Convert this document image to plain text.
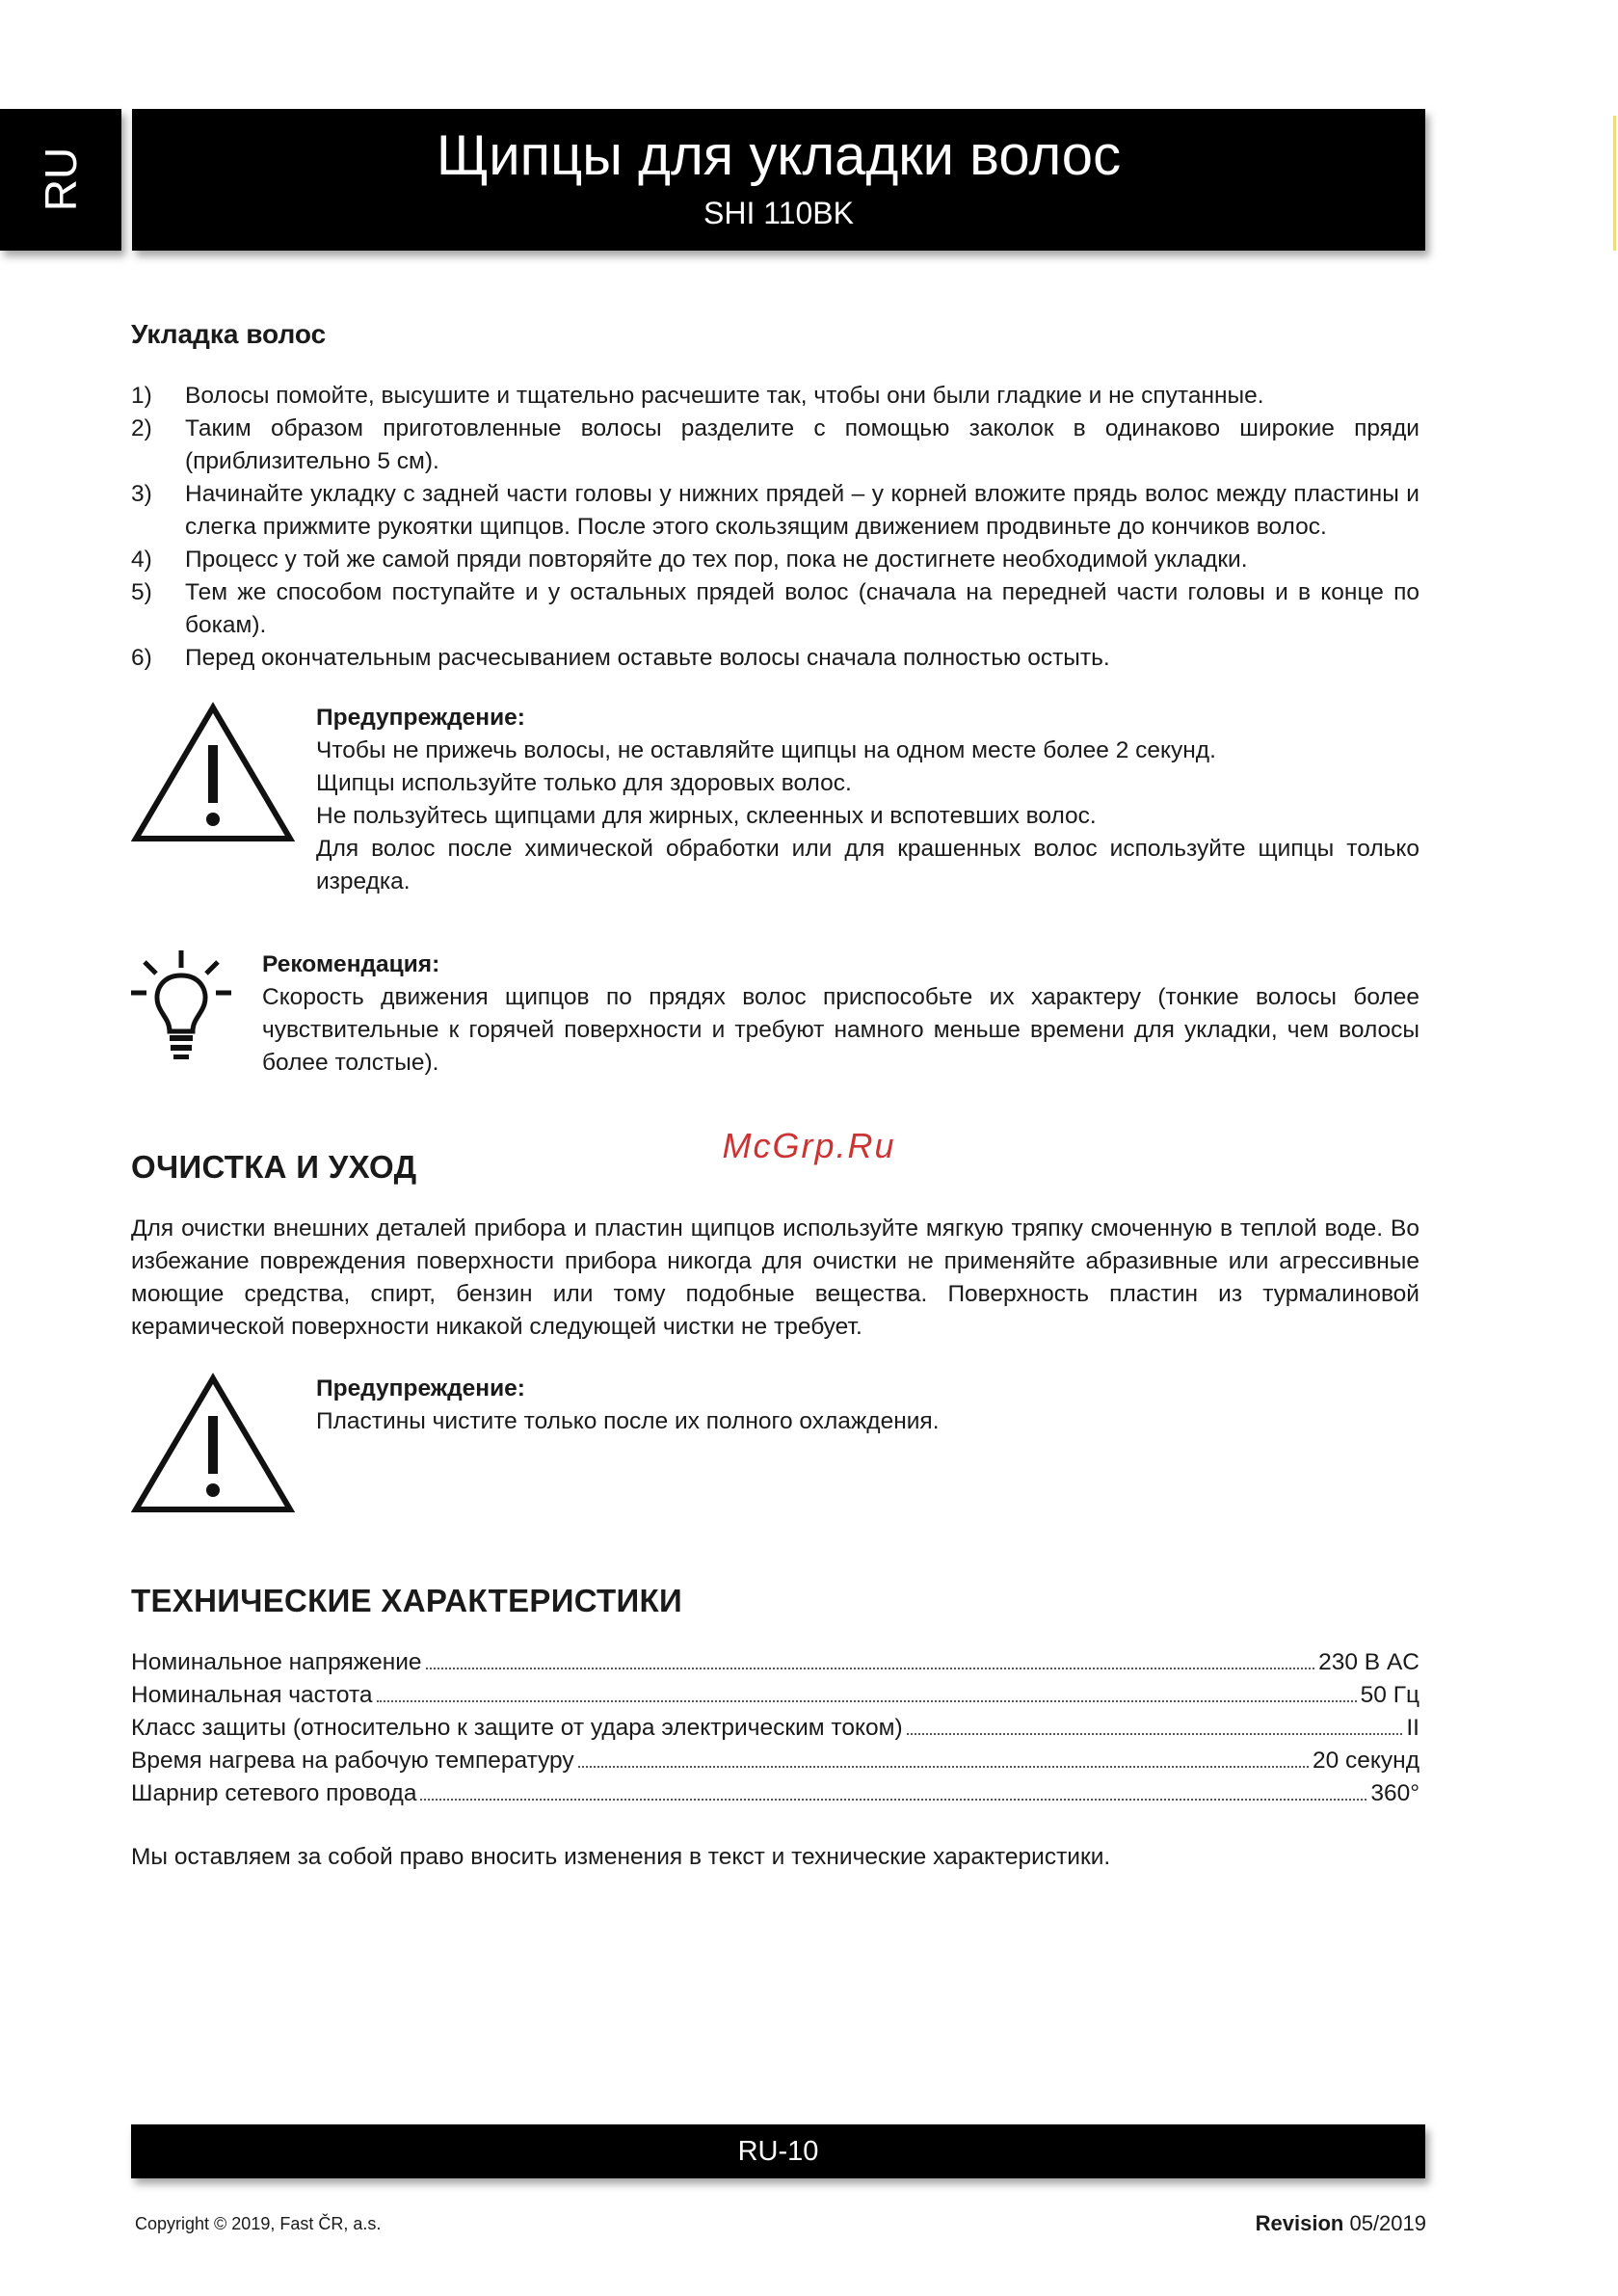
RU	Щипцы для укладки волос
SHI 110BK
Укладка волос
1) Волосы помойте, высушите и тщательно расчешите так, чтобы они были гладкие и не спутанные.
2) Таким образом приготовленные волосы разделите с помощью заколок в одинаково широкие пряди (приблизительно 5 см).
3) Начинайте укладку с задней части головы у нижних прядей – у корней вложите прядь волос между пластины и слегка прижмите рукоятки щипцов. После этого скользящим движением продвиньте до кончиков волос.
4) Процесс у той же самой пряди повторяйте до тех пор, пока не достигнете необходимой укладки.
5) Тем же способом поступайте и у остальных прядей волос (сначала на передней части головы и в конце по бокам).
6) Перед окончательным расчесыванием оставьте волосы сначала полностью остыть.
Предупреждение:
Чтобы не прижечь волосы, не оставляйте щипцы на одном месте более 2 секунд.
Щипцы используйте только для здоровых волос.
Не пользуйтесь щипцами для жирных, склеенных и вспотевших волос.
Для волос после химической обработки или для крашенных волос используйте щипцы только изредка.
Рекомендация:
Скорость движения щипцов по прядях волос приспособьте их характеру (тонкие волосы более чувствительные к горячей поверхности и требуют намного меньше времени для укладки, чем волосы более толстые).
ОЧИСТКА И УХОД

Для очистки внешних деталей прибора и пластин щипцов используйте мягкую тряпку смоченную в теплой воде. Во избежание повреждения поверхности прибора никогда для очистки не применяйте абразивные или агрессивные моющие средства, спирт, бензин или тому подобные вещества. Поверхность пластин из турмалиновой керамической поверхности никакой следующей чистки не требует.

Предупреждение:
Пластины чистите только после их полного охлаждения.
ТЕХНИЧЕСКИЕ ХАРАКТЕРИСТИКИ
Номинальное напряжение	230 В AC
Номинальная частота	50 Гц
Класс защиты (относительно к защите от удара электрическим током)	II
Время нагрева на рабочую температуру	20 секунд
Шарнир сетевого провода	360°

Мы оставляем за собой право вносить изменения в текст и технические характеристики.

McGrp.Ru
RU-10
Copyright © 2019, Fast ČR, a.s.	Revision 05/2019
